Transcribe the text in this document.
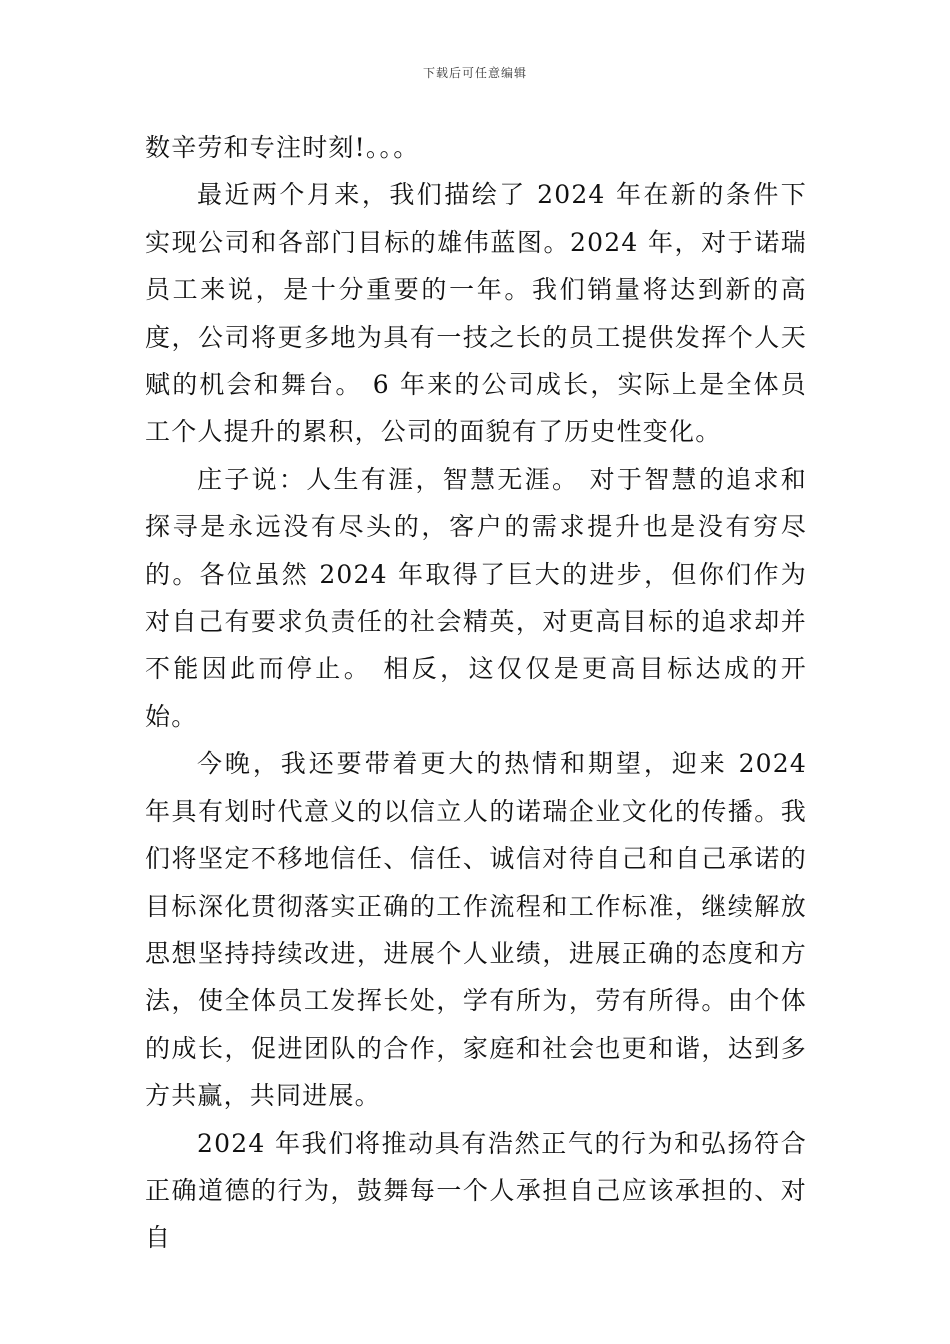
下载后可任意编辑

数辛劳和专注时刻!。。。

最近两个月来，我们描绘了 2024 年在新的条件下实现公司和各部门目标的雄伟蓝图。2024 年，对于诺瑞员工来说，是十分重要的一年。我们销量将达到新的高度，公司将更多地为具有一技之长的员工提供发挥个人天赋的机会和舞台。 6 年来的公司成长，实际上是全体员工个人提升的累积，公司的面貌有了历史性变化。

庄子说：人生有涯，智慧无涯。 对于智慧的追求和探寻是永远没有尽头的，客户的需求提升也是没有穷尽的。各位虽然 2024 年取得了巨大的进步，但你们作为对自己有要求负责任的社会精英，对更高目标的追求却并不能因此而停止。 相反，这仅仅是更高目标达成的开始。

今晚，我还要带着更大的热情和期望，迎来 2024 年具有划时代意义的以信立人的诺瑞企业文化的传播。我们将坚定不移地信任、信任、诚信对待自己和自己承诺的目标深化贯彻落实正确的工作流程和工作标准，继续解放思想坚持持续改进，进展个人业绩，进展正确的态度和方法，使全体员工发挥长处，学有所为，劳有所得。由个体的成长，促进团队的合作，家庭和社会也更和谐，达到多方共赢，共同进展。

2024 年我们将推动具有浩然正气的行为和弘扬符合正确道德的行为，鼓舞每一个人承担自己应该承担的、对自
